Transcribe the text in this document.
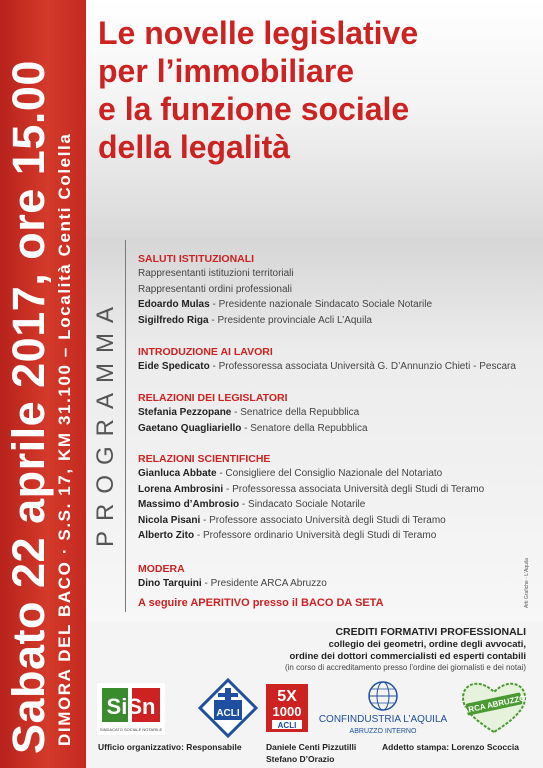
Sabato 22 aprile 2017, ore 15.00 DIMORA DEL BACO · S.S. 17, KM 31.100 – Località Centi Colella
Le novelle legislative
per l’immobiliare
e la funzione sociale
della legalità
PROGRAMMA
SALUTI ISTITUZIONALI
Rappresentanti istituzioni territoriali
Rappresentanti ordini professionali
Edoardo Mulas - Presidente nazionale Sindacato Sociale Notarile
Sigilfredo Riga - Presidente provinciale Acli L’Aquila
INTRODUZIONE AI LAVORI
Eide Spedicato - Professoressa associata Università G. D’Annunzio Chieti - Pescara
RELAZIONI DEI LEGISLATORI
Stefania Pezzopane - Senatrice della Repubblica
Gaetano Quagliariello - Senatore della Repubblica
RELAZIONI SCIENTIFICHE
Gianluca Abbate - Consigliere del Consiglio Nazionale del Notariato
Lorena Ambrosini - Professoressa associata Università degli Studi di Teramo
Massimo d’Ambrosio - Sindacato Sociale Notarile
Nicola Pisani - Professore associato Università degli Studi di Teramo
Alberto Zito - Professore ordinario Università degli Studi di Teramo
MODERA
Dino Tarquini - Presidente ARCA Abruzzo
A seguire APERITIVO presso il BACO DA SETA	Arti Grafiche · L'Aquila
CREDITI FORMATIVI PROFESSIONALI
collegio dei geometri, ordine degli avvocati,
ordine dei dottori commercialisti ed esperti contabili
(in corso di accreditamento presso l’ordine dei giornalisti e dei notai)
SiSn
SINDACATO SOCIALE NOTARILE
ACLI
5X
1000
ACLI
CONFINDUSTRIA L’AQUILA
ABRUZZO INTERNO
ARCA ABRUZZO
Ufficio organizzativo: Responsabile	Daniele Centi Pizzutilli
Stefano D’Orazio
Addetto stampa: Lorenzo Scoccia
